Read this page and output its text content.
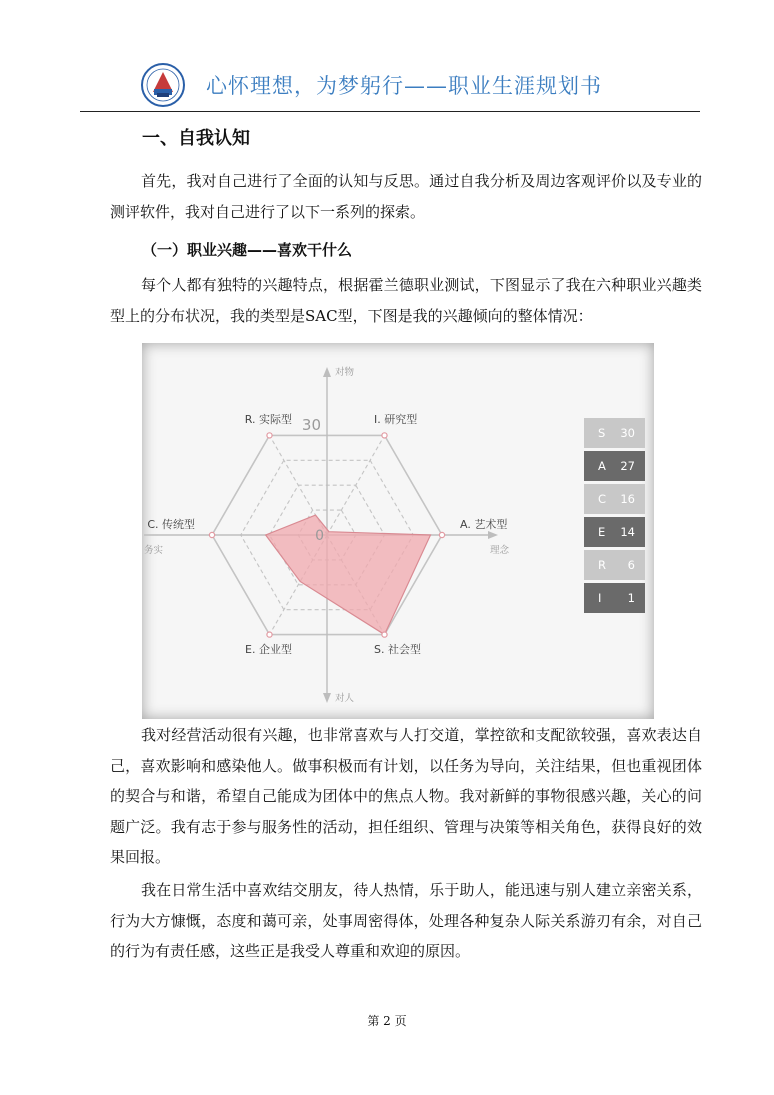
心怀理想，为梦躬行——职业生涯规划书
一、自我认知
首先，我对自己进行了全面的认知与反思。通过自我分析及周边客观评价以及专业的测评软件，我对自己进行了以下一系列的探索。
（一）职业兴趣——喜欢干什么
每个人都有独特的兴趣特点，根据霍兰德职业测试，下图显示了我在六种职业兴趣类型上的分布状况，我的类型是SAC型，下图是我的兴趣倾向的整体情况：
I. 研究型
A. 艺术型
S. 社会型
E. 企业型
C. 传统型
R. 实际型 30
0
对物
对人
务实	理念
S 30
A 27
C 16
E 14
R 6
I 1
我对经营活动很有兴趣，也非常喜欢与人打交道，掌控欲和支配欲较强，喜欢表达自己，喜欢影响和感染他人。做事积极而有计划，以任务为导向，关注结果，但也重视团体的契合与和谐，希望自己能成为团体中的焦点人物。我对新鲜的事物很感兴趣，关心的问题广泛。我有志于参与服务性的活动，担任组织、管理与决策等相关角色，获得良好的效果回报。
我在日常生活中喜欢结交朋友，待人热情，乐于助人，能迅速与别人建立亲密关系，行为大方慷慨，态度和蔼可亲，处事周密得体，处理各种复杂人际关系游刃有余，对自己的行为有责任感，这些正是我受人尊重和欢迎的原因。
第 2 页
